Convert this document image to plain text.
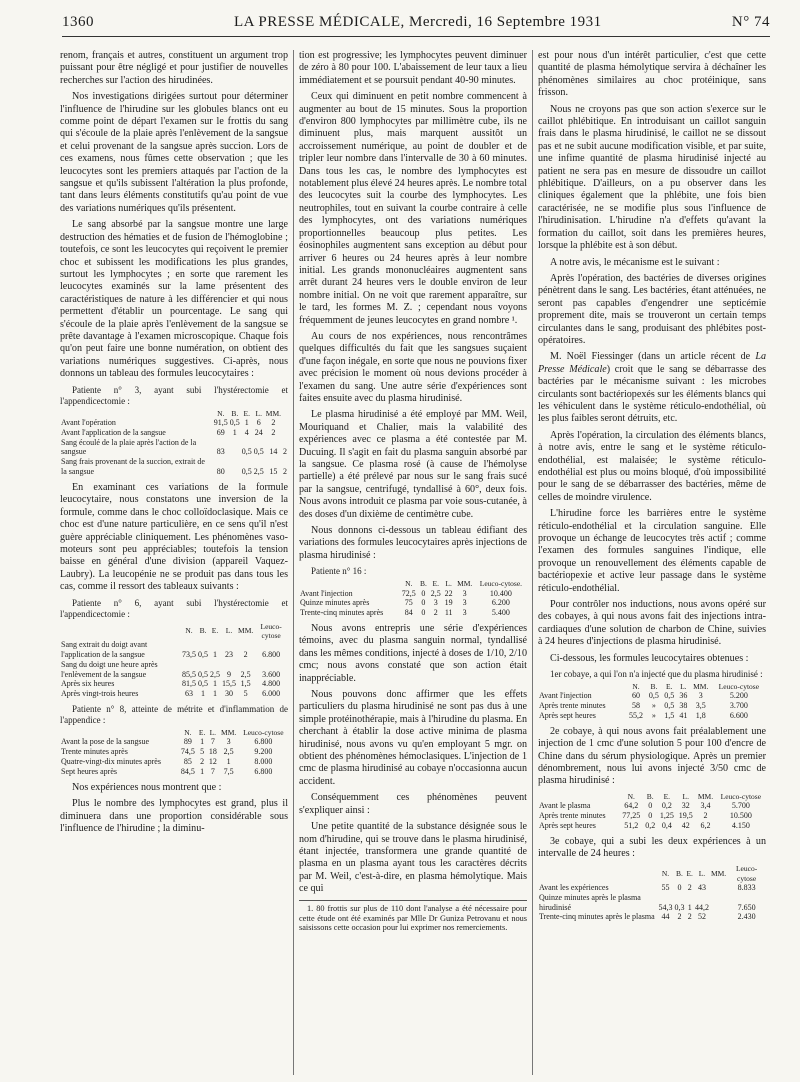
1360	LA PRESSE MÉDICALE, Mercredi, 16 Septembre 1931	N° 74

renom, français et autres, constituent un argument trop puissant pour être négligé et pour justifier de nouvelles recherches sur l'action des hirudinées.

Nos investigations dirigées surtout pour déterminer l'influence de l'hirudine sur les globules blancs ont eu comme point de départ l'examen sur le frottis du sang qui s'écoule de la plaie après l'enlèvement de la sangsue et celui provenant de la sangsue après succion. Lors de ces examens, nous fûmes cette observation ; que les leucocytes sont les premiers attaqués par l'action de la sangsue et qu'ils subissent l'altération la plus profonde, tant dans leurs éléments constitutifs qu'au point de vue des variations numériques qu'ils présentent.

Le sang absorbé par la sangsue montre une large destruction des hématies et de fusion de l'hémoglobine ; toutefois, ce sont les leucocytes qui reçoivent le premier choc et subissent les modifications les plus grandes, surtout les lymphocytes ; en sorte que rarement les leucocytes examinés sur la lame présentent des caractéristiques de nature à les différencier et qui nous permettent d'établir un pourcentage. Le sang qui s'écoule de la plaie après l'enlèvement de la sangsue se prête davantage à l'examen microscopique. Chaque fois qu'on peut faire une bonne numération, on obtient des variations numériques suggestives. Ci-après, nous donnons un tableau des formules leucocytaires :

Patiente n° 3, ayant subi l'hystérectomie et l'appendicectomie :
	N.	B.	E.	L.	MM.	
Avant l'opération	91,5	0,5	1	6	2	
Avant l'application de la sangsue	69	1	4	24	2	
Sang écoulé de la plaie après l'action de la sangsue	83		0,5	0,5	14	2
Sang frais provenant de la succion, extrait de la sangsue	80		0,5	2,5	15	2

En examinant ces variations de la formule leucocytaire, nous constatons une inversion de la formule, comme dans le choc colloïdoclasique. Mais ce choc est d'une nature particulière, en ce sens qu'il n'est guère appréciable cliniquement. Les phénomènes vaso-moteurs sont peu appréciables; toutefois la tension baisse en général d'une division (appareil Vaquez-Laubry). La leucopénie ne se produit pas dans tous les cas, comme il ressort des tableaux suivants :

Patiente n° 6, ayant subi l'hystérectomie et l'appendicectomie :
	N.	B.	E.	L.	MM.	Leuco-cytose
Sang extrait du doigt avant l'application de la sangsue	73,5	0,5	1	23	2	6.800
Sang du doigt une heure après l'enlèvement de la sangsue	85,5	0,5	2,5	9	2,5	3.600
Après six heures	81,5	0,5	1	15,5	1,5	4.800
Après vingt-trois heures	63	1	1	30	5	6.000
Patiente n° 8, atteinte de métrite et d'inflammation de l'appendice :
	N.	E.	L.	MM.	Leuco-cytose
Avant la pose de la sangsue	89	1	7	3	6.800
Trente minutes après	74,5	5	18	2,5	9.200
Quatre-vingt-dix minutes après	85	2	12	1	8.000
Sept heures après	84,5	1	7	7,5	6.800

Nos expériences nous montrent que :

Plus le nombre des lymphocytes est grand, plus il diminuera dans une proportion considérable sous l'influence de l'hirudine ; la diminu-

tion est progressive; les lymphocytes peuvent diminuer de zéro à 80 pour 100. L'abaissement de leur taux a lieu immédiatement et se poursuit pendant 40-90 minutes.

Ceux qui diminuent en petit nombre commencent à augmenter au bout de 15 minutes. Sous la proportion d'environ 800 lymphocytes par millimètre cube, ils ne diminuent plus, mais marquent aussitôt un accroissement numérique, au point de doubler et de tripler leur nombre dans l'intervalle de 30 à 60 minutes. Dans tous les cas, le nombre des lymphocytes est notablement plus élevé 24 heures après. Le nombre total des leucocytes suit la courbe des lymphocytes. Les neutrophiles, tout en suivant la courbe contraire à celle des lymphocytes, ont des variations numériques proportionnelles beaucoup plus petites. Les éosinophiles augmentent sans exception au début pour arriver 6 heures ou 24 heures après à leur nombre initial. Les grands mononucléaires augmentent sans arrêt durant 24 heures vers le double environ de leur nombre initial. On ne voit que rarement apparaître, sur le tard, les formes M. Z. ; cependant nous voyons fréquemment de jeunes leucocytes en grand nombre ¹.

Au cours de nos expériences, nous rencontrâmes quelques difficultés du fait que les sangsues suçaient d'une façon inégale, en sorte que nous ne pouvions fixer avec précision le moment où nous devions procéder à l'examen du sang. Une autre série d'expériences sont faites ensuite avec du plasma hirudinisé.

Le plasma hirudinisé a été employé par MM. Weil, Mouriquand et Chalier, mais la valabilité des expériences avec ce plasma a été contestée par M. Ducuing. Il s'agit en fait du plasma sanguin absorbé par la sangsue. Ce plasma rosé (à cause de l'hémolyse partielle) a été prélevé par nous sur le sang frais sucé par la sangsue, centrifugé, tyndallisé à 60°, deux fois. Nous avons introduit ce plasma par voie sous-cutanée, à des doses d'un dixième de centimètre cube.

Nous donnons ci-dessous un tableau édifiant des variations des formules leucocytaires après injections de plasma hirudinisé :

Patiente n° 16 :
	N.	B.	E.	L.	MM.	Leuco-cytose.
Avant l'injection	72,5	0	2,5	22	3	10.400
Quinze minutes après	75	0	3	19	3	6.200
Trente-cinq minutes après	84	0	2	11	3	5.400

Nous avons entrepris une série d'expériences témoins, avec du plasma sanguin normal, tyndallisé dans les mêmes conditions, injecté à doses de 1/10, 2/10 cmc; nous avons constaté que son action était inappréciable.

Nous pouvons donc affirmer que les effets particuliers du plasma hirudinisé ne sont pas dus à une simple protéinothérapie, mais à l'hirudine du plasma. En cherchant à établir la dose active minima de plasma hirudinisé, nous avons vu qu'en employant 5 mgr. on obtient des phénomènes hémoclasiques. L'injection de 1 cmc de plasma hirudinisé au cobaye n'occasionna aucun accident.

Conséquemment ces phénomènes peuvent s'expliquer ainsi :

Une petite quantité de la substance désignée sous le nom d'hirudine, qui se trouve dans le plasma hirudinisé, étant injectée, transformera une grande quantité de plasma en un plasma ayant tous les caractères décrits par M. Weil, c'est-à-dire, en plasma hémolytique. Mais ce qui

1. 80 frottis sur plus de 110 dont l'analyse a été nécessaire pour cette étude ont été examinés par Mlle Dr Guniza Petrovanu et nous saisissons cette occasion pour lui exprimer nos remerciements.

est pour nous d'un intérêt particulier, c'est que cette quantité de plasma hémolytique servira à déchaîner les phénomènes similaires au choc protéinique, sans frisson.

Nous ne croyons pas que son action s'exerce sur le caillot phlébitique. En introduisant un caillot sanguin frais dans le plasma hirudinisé, le caillot ne se dissout pas et ne subit aucune modification visible, et par suite, une infime quantité de plasma hirudinisé injecté au patient ne sera pas en mesure de dissoudre un caillot phlébitique. D'ailleurs, on a pu observer dans les cliniques également que la phlébite, une fois bien caractérisée, ne se modifie plus sous l'influence de l'hirudinisation. L'hirudine n'a d'effets qu'avant la formation du caillot, soit dans les premières heures, lorsque la phlébite est à son début.

A notre avis, le mécanisme est le suivant :

Après l'opération, des bactéries de diverses origines pénètrent dans le sang. Les bactéries, étant atténuées, ne seront pas capables d'engendrer une septicémie proprement dite, mais se trouveront un certain temps circulantes dans le sang, produisant des phlébites post-opératoires.

M. Noël Fiessinger (dans un article récent de La Presse Médicale) croit que le sang se débarrasse des bactéries par le mécanisme suivant : les microbes circulants sont bactériopexés sur les éléments blancs qui les véhiculent dans le système réticulo-endothélial, où les plus faibles seront détruits, etc.

Après l'opération, la circulation des éléments blancs, à notre avis, entre le sang et le système réticulo-endothélial, est malaisée; le système réticulo-endothélial est plus ou moins bloqué, d'où impossibilité pour le sang de se débarrasser des bactéries, même de celles de moindre virulence.

L'hirudine force les barrières entre le système réticulo-endothélial et la circulation sanguine. Elle provoque un échange de leucocytes très actif ; comme l'examen des formules sanguines l'indique, elle provoque un renouvellement des éléments capable de bactériopexie et active leur passage dans le système réticulo-endothélial.

Pour contrôler nos inductions, nous avons opéré sur des cobayes, à qui nous avons fait des injections intra-cardiaques d'une solution de charbon de Chine, suivies à 24 heures d'injections de plasma hirudinisé.

Ci-dessous, les formules leucocytaires obtenues :

1er cobaye, a qui l'on n'a injecté que du plasma hirudinisé :
	N.	B.	E.	L.	MM.	Leuco-cytose
Avant l'injection	60	0,5	0,5	36	3	5.200
Après trente minutes	58	»	0,5	38	3,5	3.700
Après sept heures	55,2	»	1,5	41	1,8	6.600

2e cobaye, à qui nous avons fait préalablement une injection de 1 cmc d'une solution 5 pour 100 d'encre de Chine dans du sérum physiologique. Après un premier dénombrement, nous lui avons injecté 3/50 cmc de plasma hirudinisé :

	N.	B.	E.	L.	MM.	Leuco-cytose
Avant le plasma	64,2	0	0,2	32	3,4	5.700
Après trente minutes	77,25	0	1,25	19,5	2	10.500
Après sept heures	51,2	0,2	0,4	42	6,2	4.150

3e cobaye, qui a subi les deux expériences à un intervalle de 24 heures :

	N.	B.	E.	L.	MM.	Leuco-cytose
Avant les expériences	55	0	2	43		8.833
Quinze minutes après le plasma hirudinisé	54,3	0,3	1	44,2		7.650
Trente-cinq minutes après le plasma	44	2	2	52		2.430
